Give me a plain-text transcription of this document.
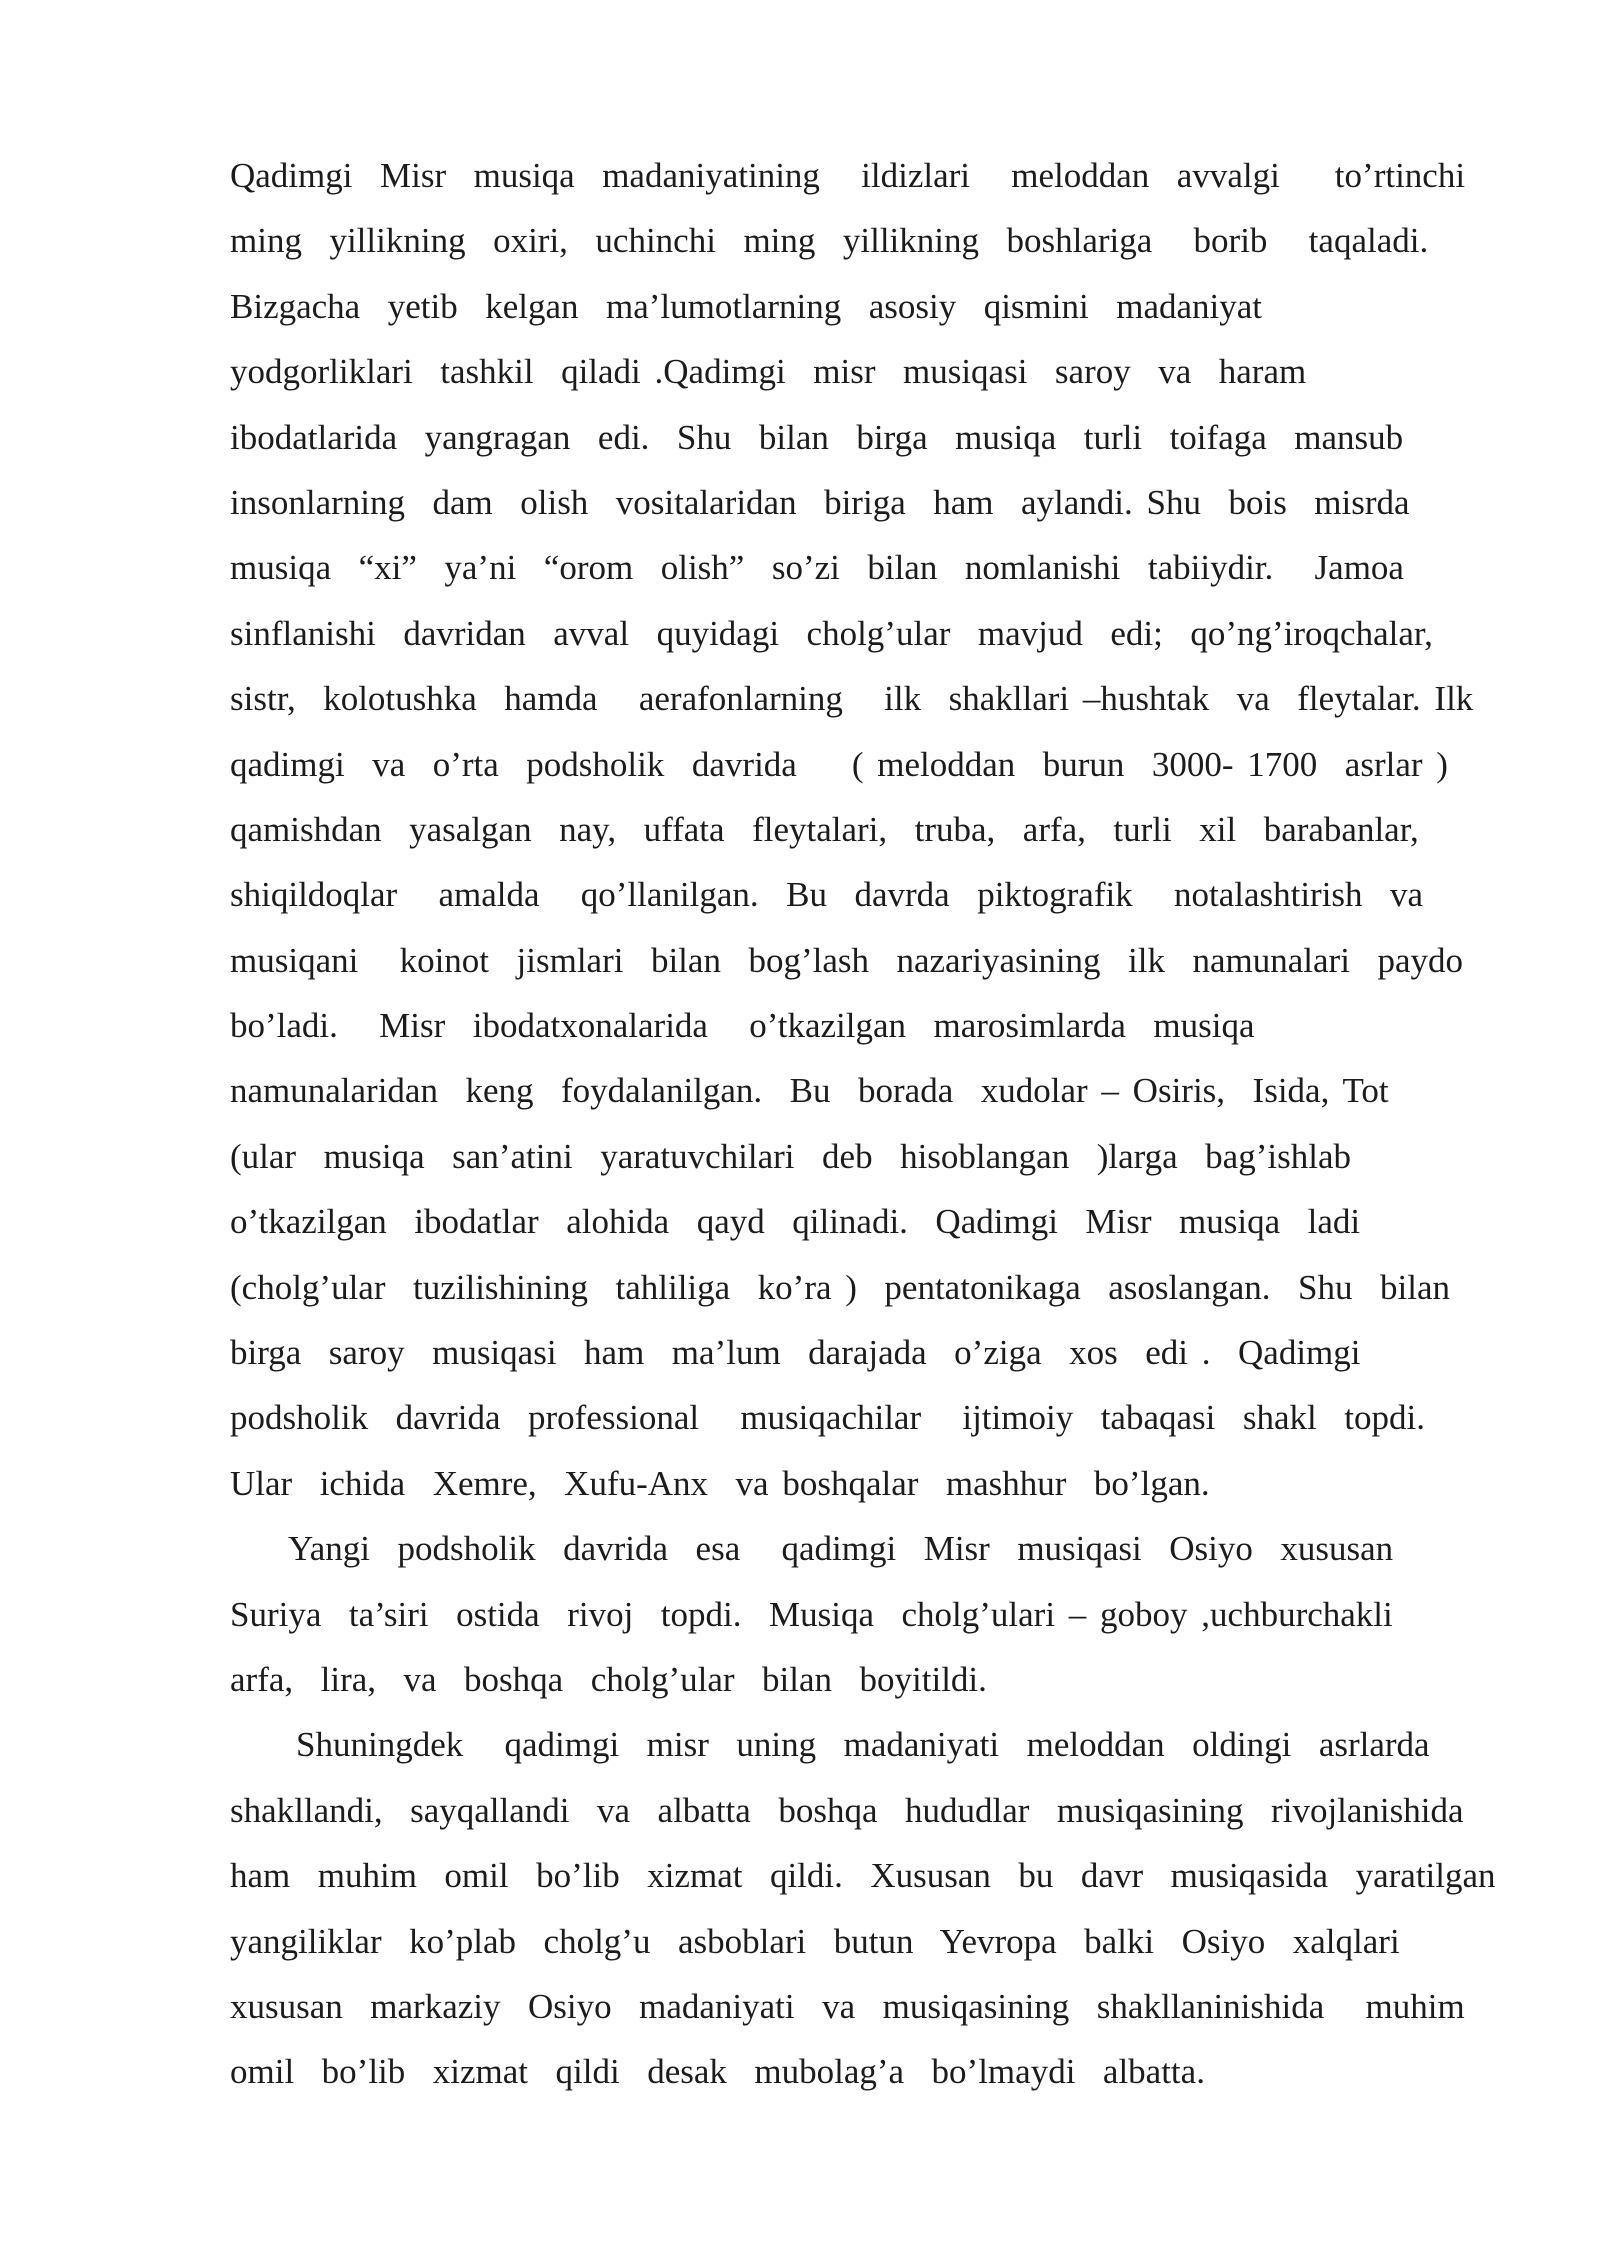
Qadimgi  Misr  musiqa  madaniyatining   ildizlari   meloddan  avvalgi    to’rtinchi
ming  yillikning  oxiri,  uchinchi  ming  yillikning  boshlariga   borib   taqaladi.
Bizgacha  yetib  kelgan  ma’lumotlarning  asosiy  qismini  madaniyat
yodgorliklari  tashkil  qiladi .Qadimgi  misr  musiqasi  saroy  va  haram
ibodatlarida  yangragan  edi.  Shu  bilan  birga  musiqa  turli  toifaga  mansub
insonlarning  dam  olish  vositalaridan  biriga  ham  aylandi. Shu  bois  misrda
musiqa  “xi”  ya’ni  “orom  olish”  so’zi  bilan  nomlanishi  tabiiydir.   Jamoa
sinflanishi  davridan  avval  quyidagi  cholg’ular  mavjud  edi;  qo’ng’iroqchalar,
sistr,  kolotushka  hamda   aerafonlarning   ilk  shakllari –hushtak  va  fleytalar. Ilk
qadimgi  va  o’rta  podsholik  davrida    ( meloddan  burun  3000- 1700  asrlar )
qamishdan  yasalgan  nay,  uffata  fleytalari,  truba,  arfa,  turli  xil  barabanlar,
shiqildoqlar   amalda   qo’llanilgan.  Bu  davrda  piktografik   notalashtirish  va
musiqani   koinot  jismlari  bilan  bog’lash  nazariyasining  ilk  namunalari  paydo
bo’ladi.   Misr  ibodatxonalarida   o’tkazilgan  marosimlarda  musiqa
namunalaridan  keng  foydalanilgan.  Bu  borada  xudolar – Osiris,  Isida, Tot
(ular  musiqa  san’atini  yaratuvchilari  deb  hisoblangan  )larga  bag’ishlab
o’tkazilgan  ibodatlar  alohida  qayd  qilinadi.  Qadimgi  Misr  musiqa  ladi
(cholg’ular  tuzilishining  tahliliga  ko’ra )  pentatonikaga  asoslangan.  Shu  bilan
birga  saroy  musiqasi  ham  ma’lum  darajada  o’ziga  xos  edi .  Qadimgi
podsholik  davrida  professional   musiqachilar   ijtimoiy  tabaqasi  shakl  topdi.
Ular  ichida  Xemre,  Xufu-Anx  va boshqalar  mashhur  bo’lgan.
Yangi  podsholik  davrida  esa   qadimgi  Misr  musiqasi  Osiyo  xususan
Suriya  ta’siri  ostida  rivoj  topdi.  Musiqa  cholg’ulari – goboy ,uchburchakli
arfa,  lira,  va  boshqa  cholg’ular  bilan  boyitildi.
Shuningdek   qadimgi  misr  uning  madaniyati  meloddan  oldingi  asrlarda
shakllandi,  sayqallandi  va  albatta  boshqa  hududlar  musiqasining  rivojlanishida
ham  muhim  omil  bo’lib  xizmat  qildi.  Xususan  bu  davr  musiqasida  yaratilgan
yangiliklar  ko’plab  cholg’u  asboblari  butun  Yevropa  balki  Osiyo  xalqlari
xususan  markaziy  Osiyo  madaniyati  va  musiqasining  shakllaninishida   muhim
omil  bo’lib  xizmat  qildi  desak  mubolag’a  bo’lmaydi  albatta.
